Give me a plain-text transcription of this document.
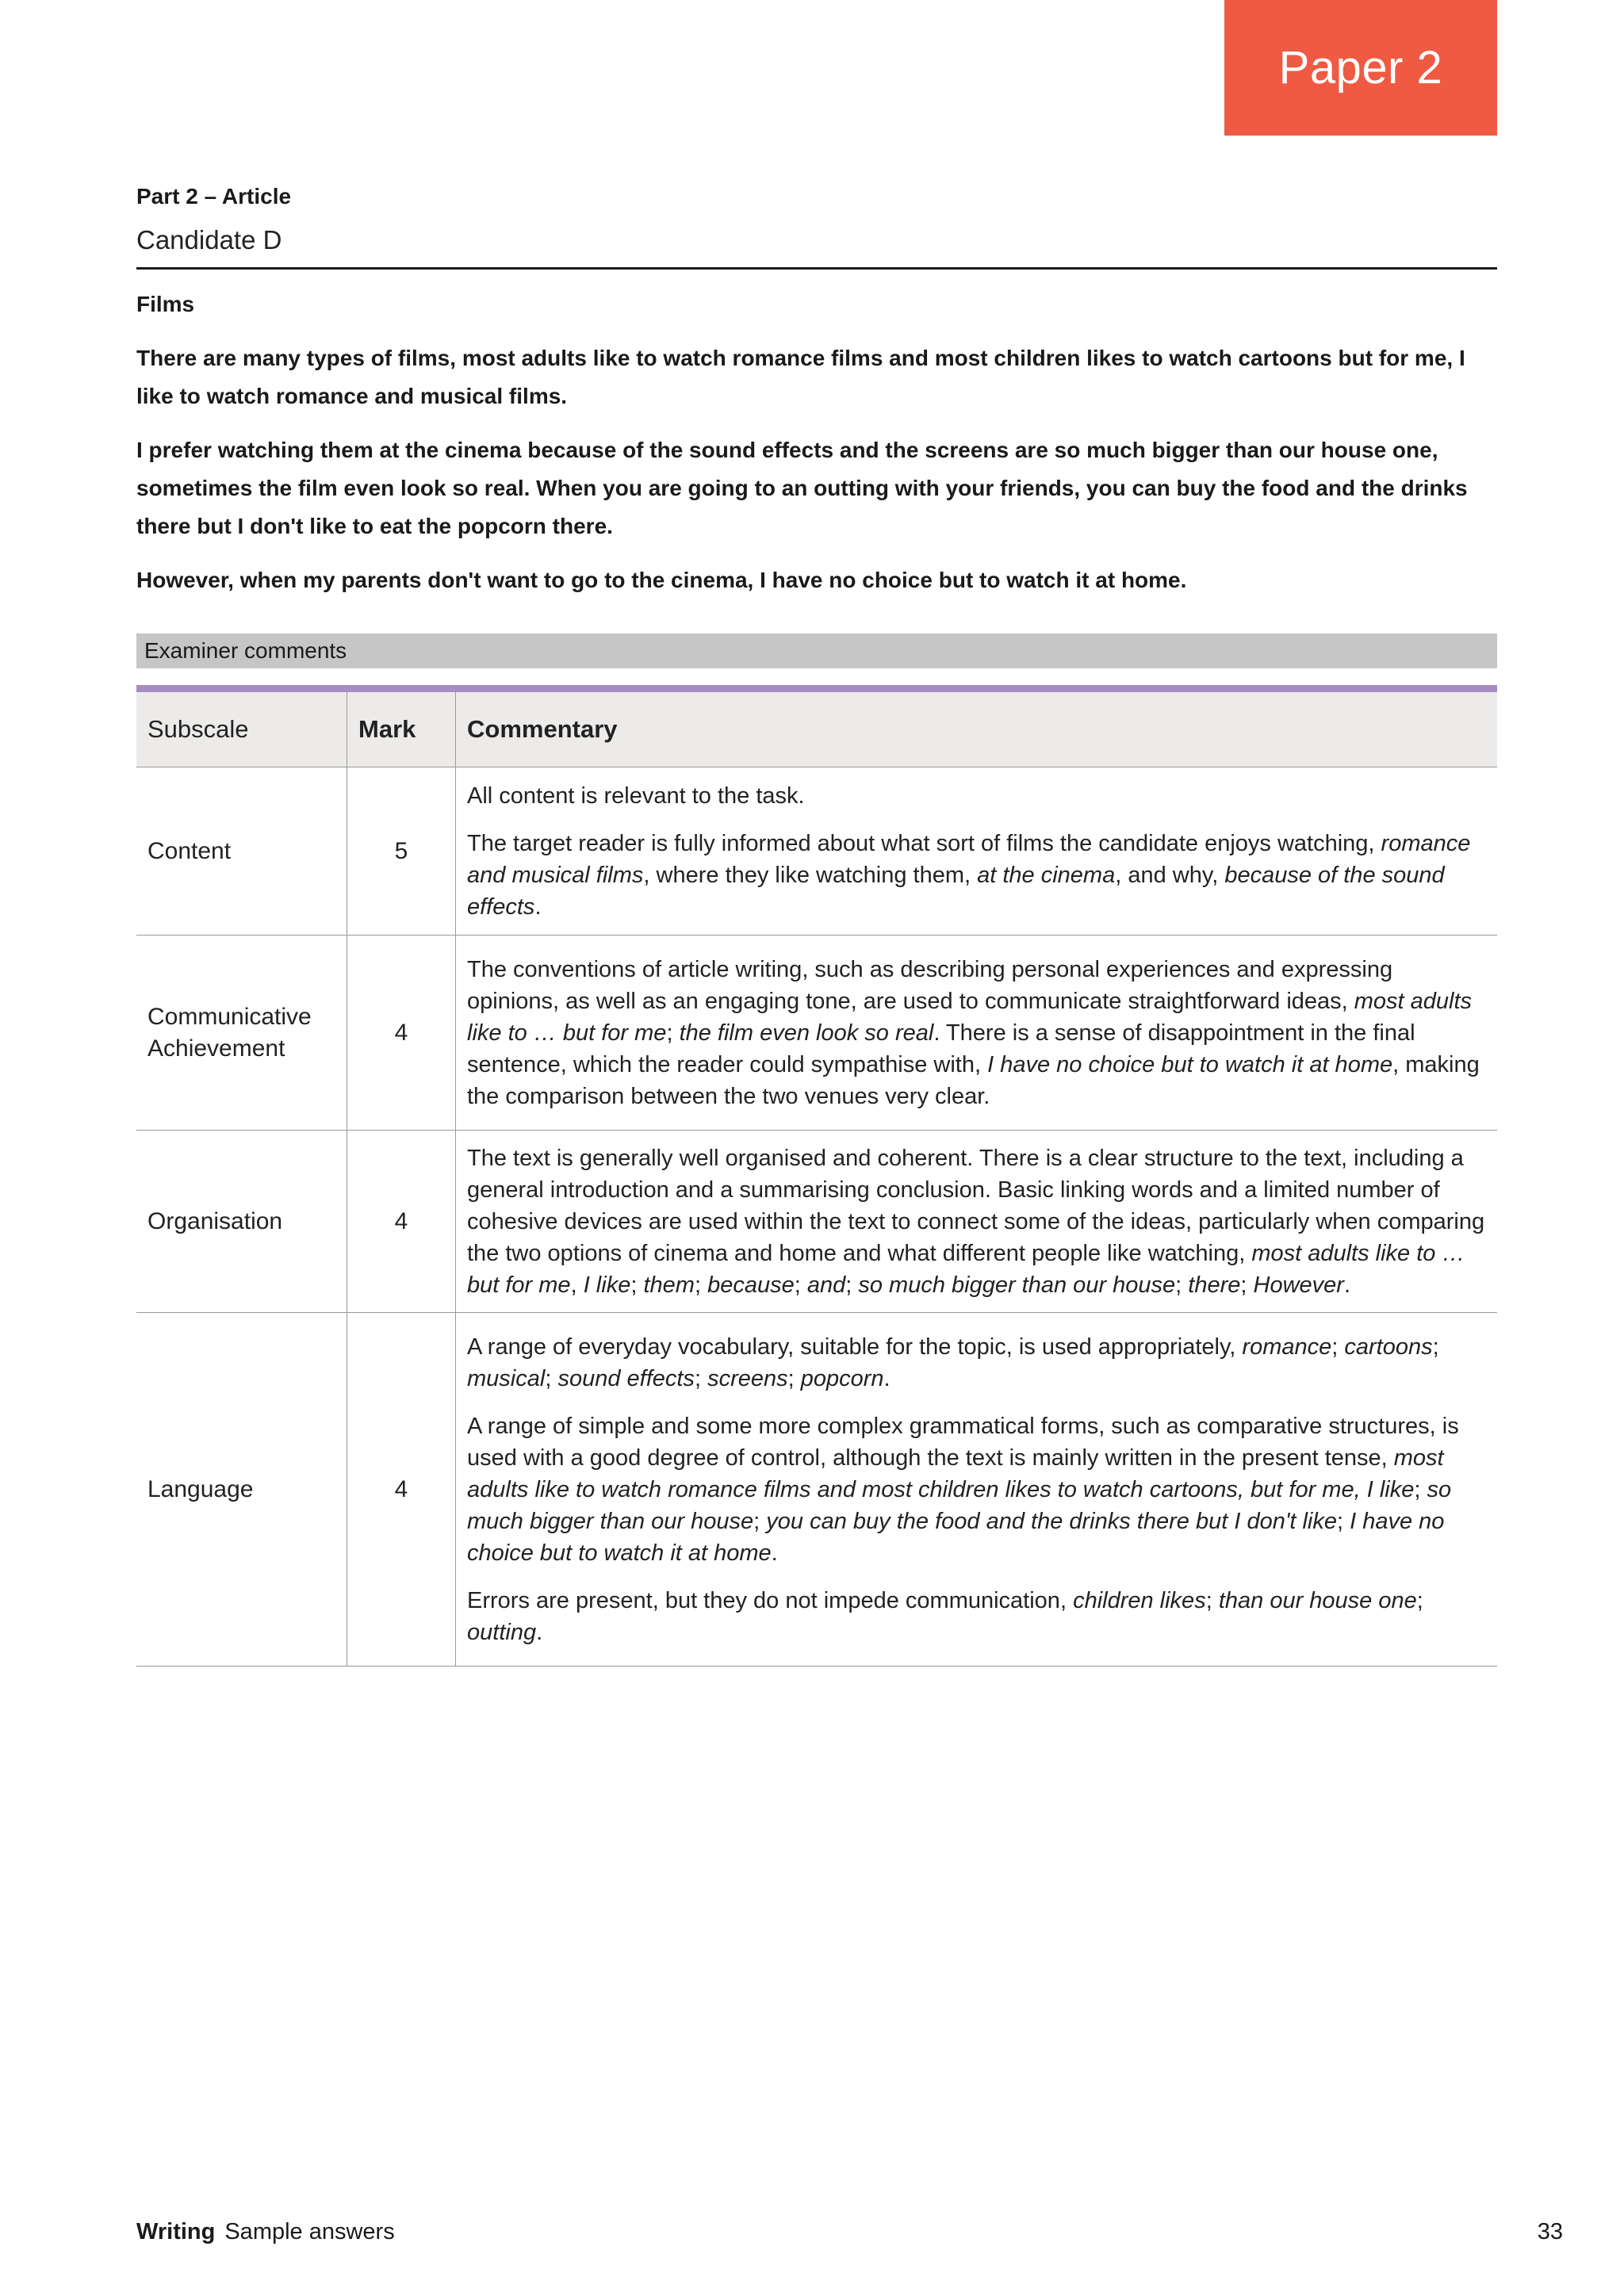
Paper 2
Part 2 – Article
Candidate D

Films

There are many types of films, most adults like to watch romance films and most children likes to watch cartoons but for me, I like to watch romance and musical films.

I prefer watching them at the cinema because of the sound effects and the screens are so much bigger than our house one, sometimes the film even look so real. When you are going to an outting with your friends, you can buy the food and the drinks there but I don't like to eat the popcorn there.

However, when my parents don't want to go to the cinema, I have no choice but to watch it at home.

Examiner comments
Subscale	Mark	Commentary
Content	5	All content is relevant to the task.

The target reader is fully informed about what sort of films the candidate enjoys watching, romance and musical films, where they like watching them, at the cinema, and why, because of the sound effects.

Communicative Achievement	4	The conventions of article writing, such as describing personal experiences and expressing opinions, as well as an engaging tone, are used to communicate straightforward ideas, most adults like to … but for me; the film even look so real. There is a sense of disappointment in the final sentence, which the reader could sympathise with, I have no choice but to watch it at home, making the comparison between the two venues very clear.

Organisation	4	The text is generally well organised and coherent. There is a clear structure to the text, including a general introduction and a summarising conclusion. Basic linking words and a limited number of cohesive devices are used within the text to connect some of the ideas, particularly when comparing the two options of cinema and home and what different people like watching, most adults like to … but for me, I like; them; because; and; so much bigger than our house; there; However.

Language	4	A range of everyday vocabulary, suitable for the topic, is used appropriately, romance; cartoons; musical; sound effects; screens; popcorn.

A range of simple and some more complex grammatical forms, such as comparative structures, is used with a good degree of control, although the text is mainly written in the present tense, most adults like to watch romance films and most children likes to watch cartoons, but for me, I like; so much bigger than our house; you can buy the food and the drinks there but I don't like; I have no choice but to watch it at home.

Errors are present, but they do not impede communication, children likes; than our house one; outting.

Writing Sample answers	33
